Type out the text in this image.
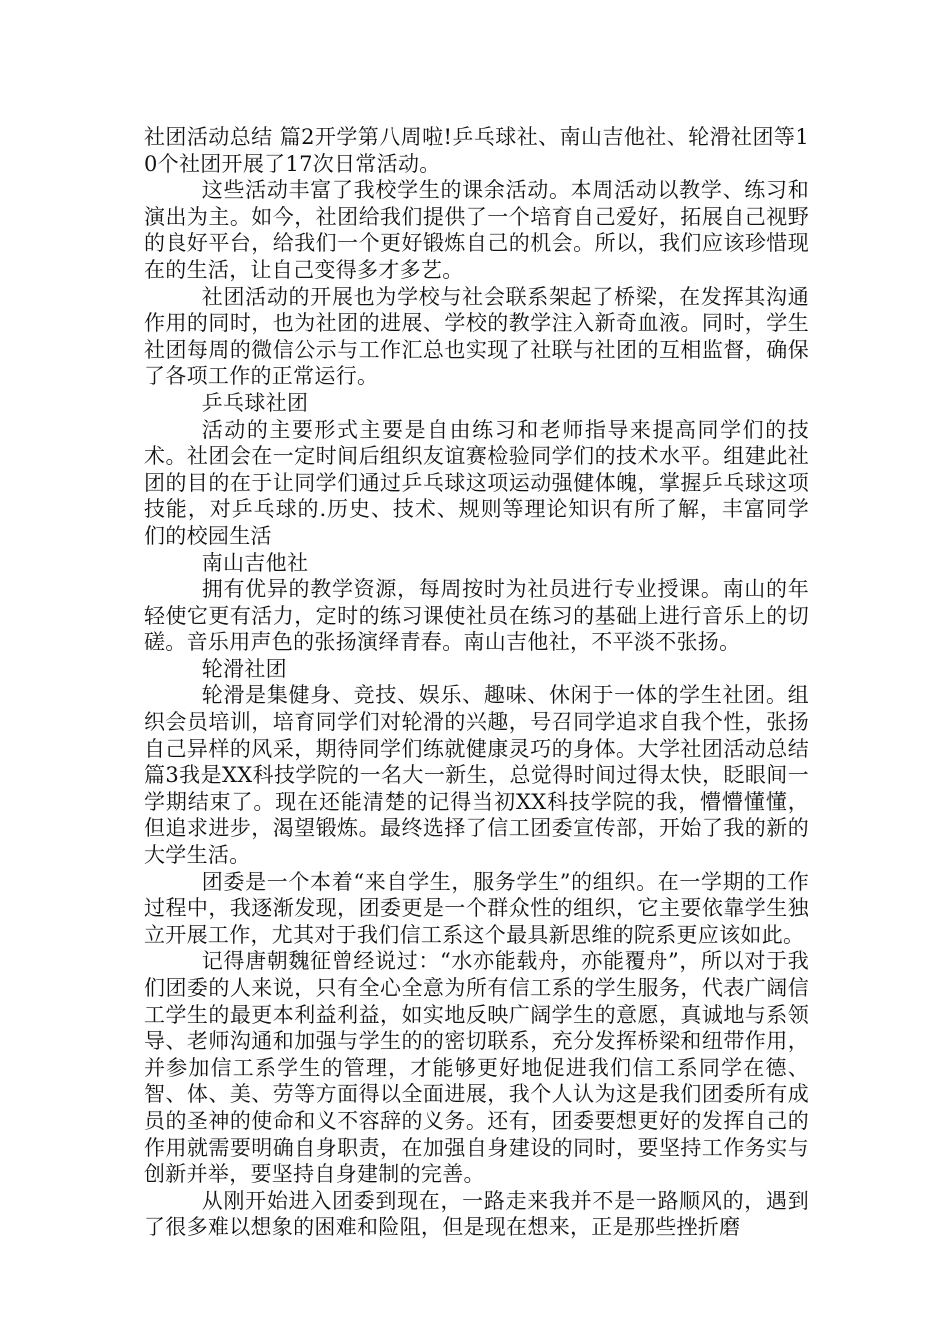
社团活动总结 篇2开学第八周啦!乒乓球社、南山吉他社、轮滑社团等10个社团开展了17次日常活动。

这些活动丰富了我校学生的课余活动。本周活动以教学、练习和演出为主。如今，社团给我们提供了一个培育自己爱好，拓展自己视野的良好平台，给我们一个更好锻炼自己的机会。所以，我们应该珍惜现在的生活，让自己变得多才多艺。

社团活动的开展也为学校与社会联系架起了桥梁，在发挥其沟通作用的同时，也为社团的进展、学校的教学注入新奇血液。同时，学生社团每周的微信公示与工作汇总也实现了社联与社团的互相监督，确保了各项工作的正常运行。

乒乓球社团

活动的主要形式主要是自由练习和老师指导来提高同学们的技术。社团会在一定时间后组织友谊赛检验同学们的技术水平。组建此社团的目的在于让同学们通过乒乓球这项运动强健体魄，掌握乒乓球这项技能，对乒乓球的.历史、技术、规则等理论知识有所了解，丰富同学们的校园生活

南山吉他社

拥有优异的教学资源，每周按时为社员进行专业授课。南山的年轻使它更有活力，定时的练习课使社员在练习的基础上进行音乐上的切磋。音乐用声色的张扬演绎青春。南山吉他社，不平淡不张扬。

轮滑社团

轮滑是集健身、竞技、娱乐、趣味、休闲于一体的学生社团。组织会员培训，培育同学们对轮滑的兴趣，号召同学追求自我个性，张扬自己异样的风采，期待同学们练就健康灵巧的身体。大学社团活动总结 篇3我是XX科技学院的一名大一新生，总觉得时间过得太快，眨眼间一学期结束了。现在还能清楚的记得当初XX科技学院的我，懵懵懂懂，但追求进步，渴望锻炼。最终选择了信工团委宣传部，开始了我的新的大学生活。

团委是一个本着“来自学生，服务学生”的组织。在一学期的工作过程中，我逐渐发现，团委更是一个群众性的组织，它主要依靠学生独立开展工作，尤其对于我们信工系这个最具新思维的院系更应该如此。

记得唐朝魏征曾经说过：“水亦能载舟，亦能覆舟”，所以对于我们团委的人来说，只有全心全意为所有信工系的学生服务，代表广阔信工学生的最更本利益利益，如实地反映广阔学生的意愿，真诚地与系领导、老师沟通和加强与学生的的密切联系，充分发挥桥梁和纽带作用，并参加信工系学生的管理，才能够更好地促进我们信工系同学在德、智、体、美、劳等方面得以全面进展，我个人认为这是我们团委所有成员的圣神的使命和义不容辞的义务。还有，团委要想更好的发挥自己的作用就需要明确自身职责，在加强自身建设的同时，要坚持工作务实与创新并举，要坚持自身建制的完善。

从刚开始进入团委到现在，一路走来我并不是一路顺风的，遇到了很多难以想象的困难和险阻，但是现在想来，正是那些挫折磨
